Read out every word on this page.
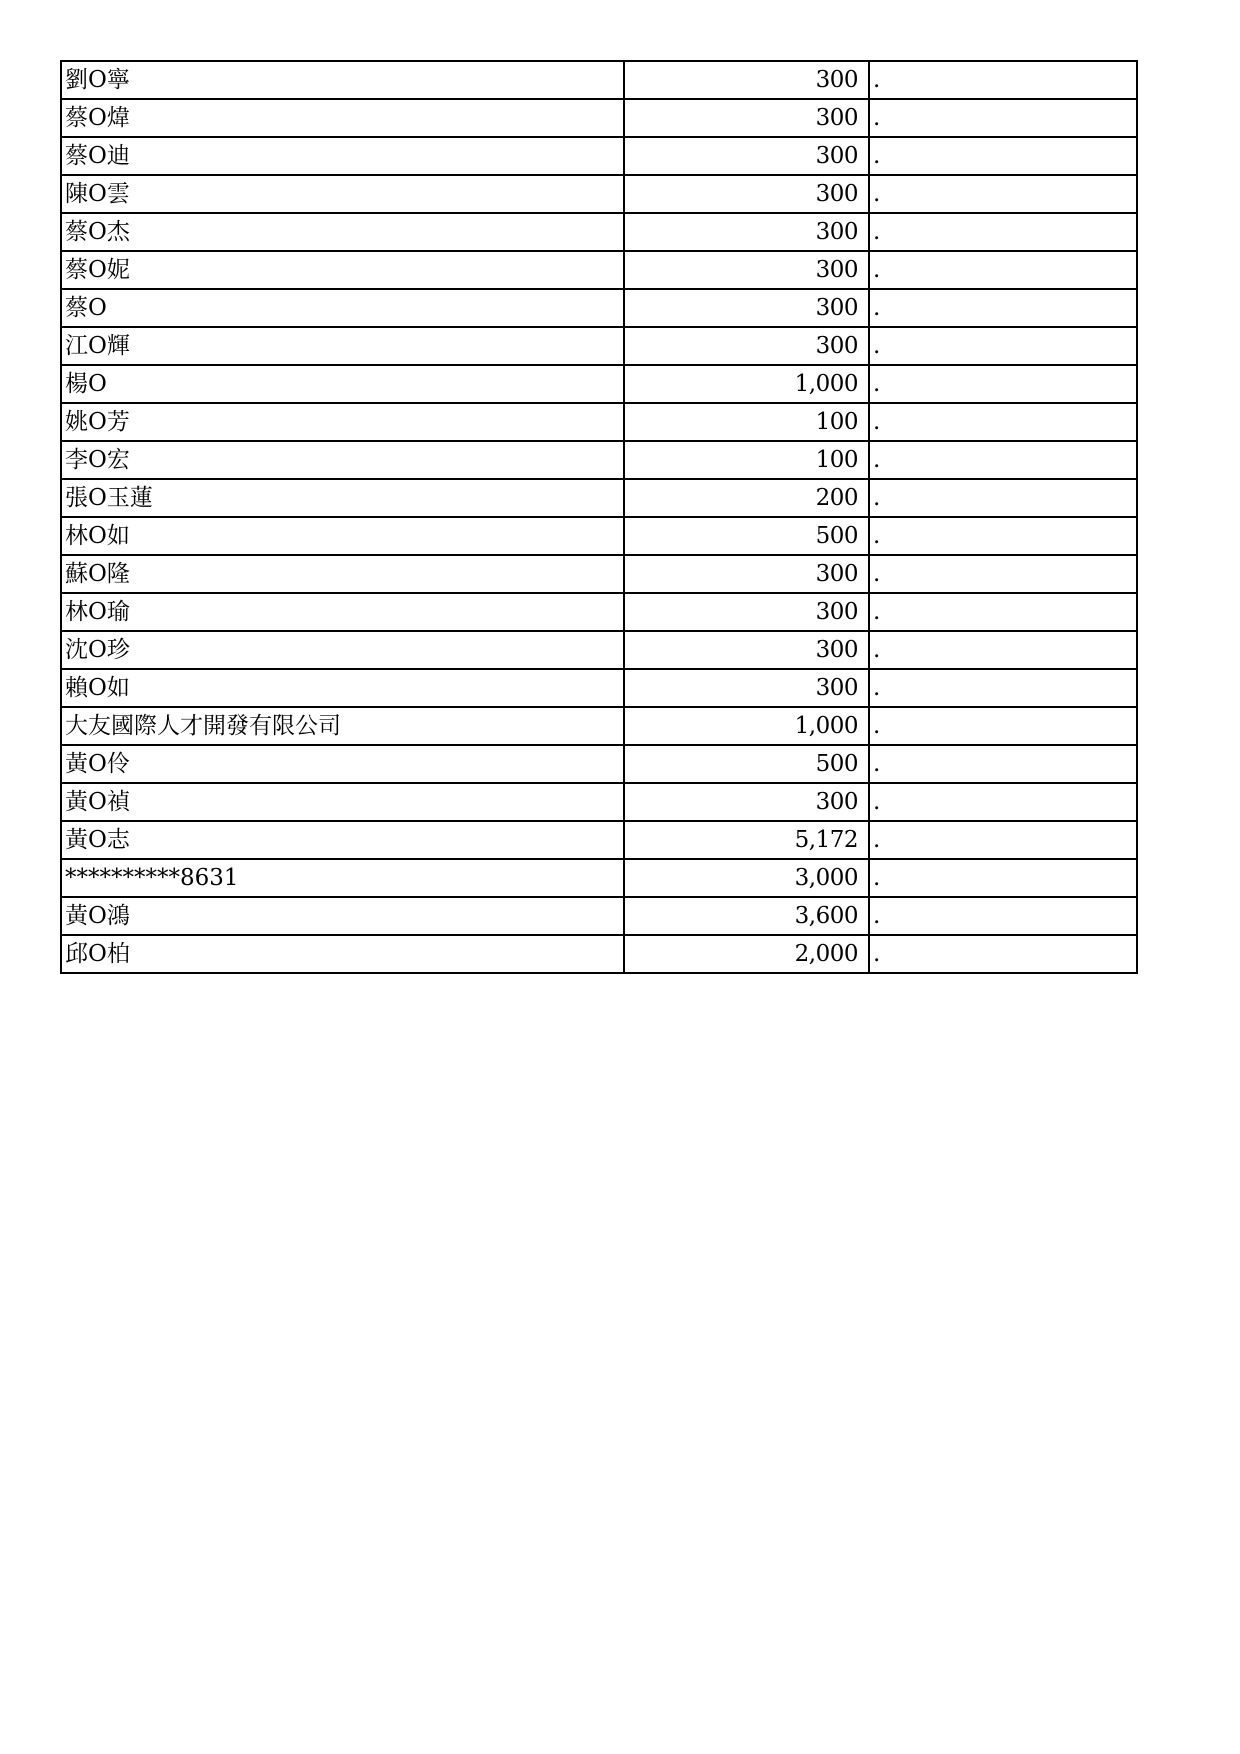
劉O寧	300	.
蔡O煒	300	.
蔡O迪	300	.
陳O雲	300	.
蔡O杰	300	.
蔡O妮	300	.
蔡O	300	.
江O輝	300	.
楊O	1,000	.
姚O芳	100	.
李O宏	100	.
張O玉蓮	200	.
林O如	500	.
蘇O隆	300	.
林O瑜	300	.
沈O珍	300	.
賴O如	300	.
大友國際人才開發有限公司	1,000	.
黃O伶	500	.
黃O禎	300	.
黃O志	5,172	.
**********8631	3,000	.
黃O鴻	3,600	.
邱O柏	2,000	.
